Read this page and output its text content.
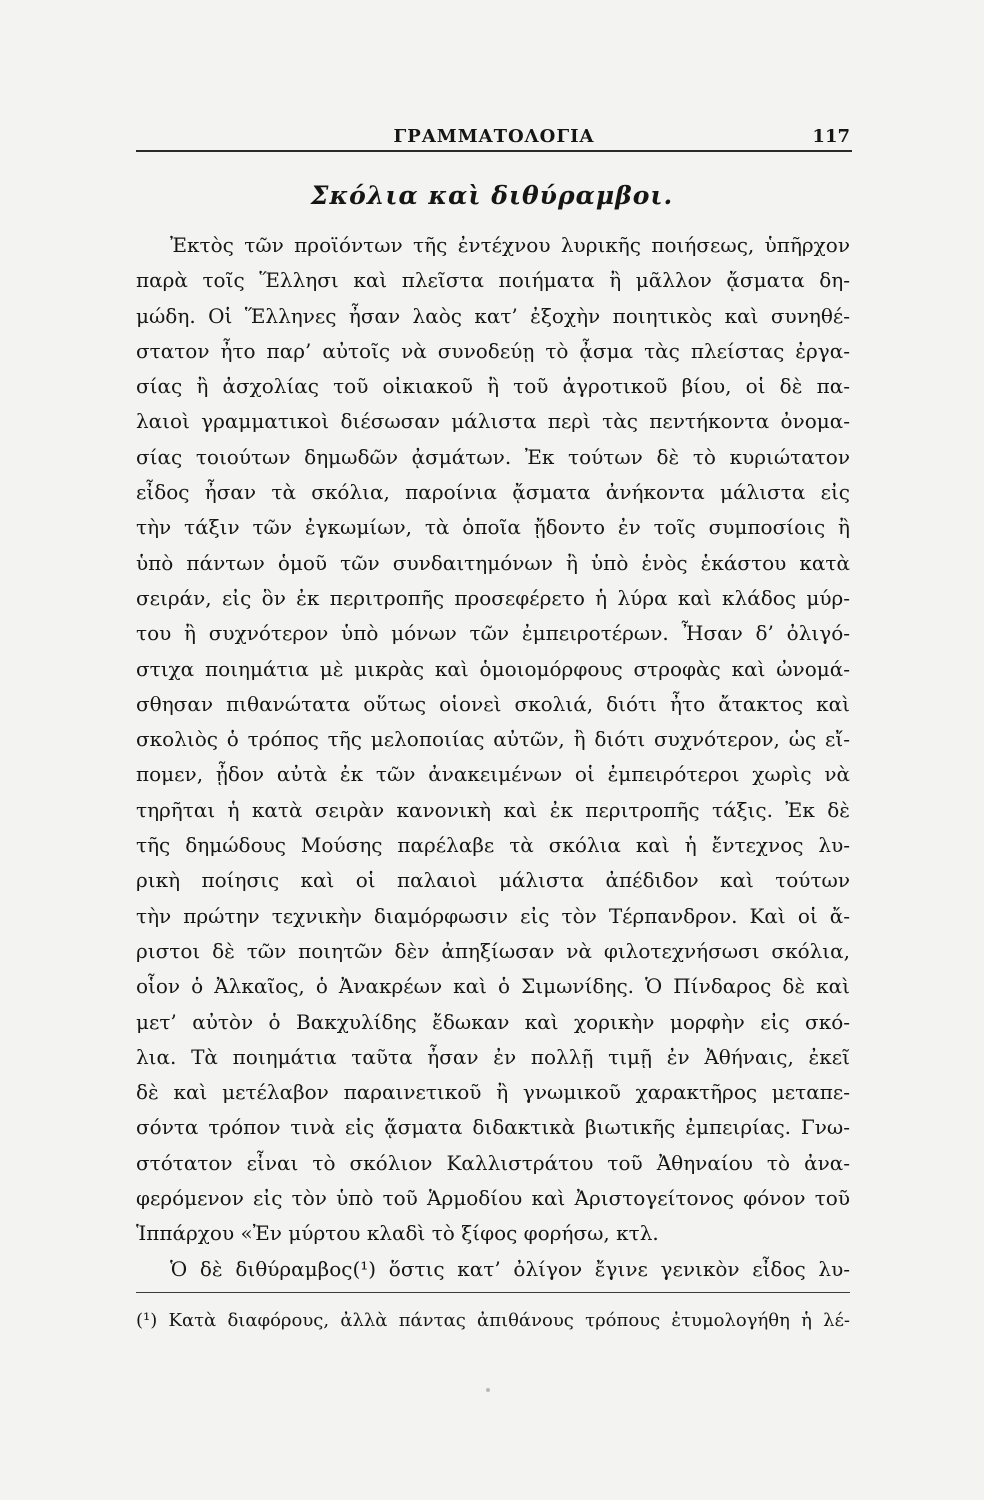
ΓΡΑΜΜΑΤΟΛΟΓΙΑ	117
Σκόλια καὶ διθύραμβοι.
Ἐκτὸς τῶν προϊόντων τῆς ἐντέχνου λυρικῆς ποιήσεως, ὑπῆρχον
παρὰ τοῖς Ἕλλησι καὶ πλεῖστα ποιήματα ἢ μᾶλλον ᾄσματα δη-
μώδη. Οἱ Ἕλληνες ἦσαν λαὸς κατ’ ἐξοχὴν ποιητικὸς καὶ συνηθέ-
στατον ἦτο παρ’ αὐτοῖς νὰ συνοδεύῃ τὸ ᾆσμα τὰς πλείστας ἐργα-
σίας ἢ ἀσχολίας τοῦ οἰκιακοῦ ἢ τοῦ ἀγροτικοῦ βίου, οἱ δὲ πα-
λαιοὶ γραμματικοὶ διέσωσαν μάλιστα περὶ τὰς πεντήκοντα ὀνομα-
σίας τοιούτων δημωδῶν ᾀσμάτων. Ἐκ τούτων δὲ τὸ κυριώτατον
εἶδος ἦσαν τὰ σκόλια, παροίνια ᾄσματα ἀνήκοντα μάλιστα εἰς
τὴν τάξιν τῶν ἐγκωμίων, τὰ ὁποῖα ᾔδοντο ἐν τοῖς συμποσίοις ἢ
ὑπὸ πάντων ὁμοῦ τῶν συνδαιτημόνων ἢ ὑπὸ ἑνὸς ἑκάστου κατὰ
σειράν, εἰς ὃν ἐκ περιτροπῆς προσεφέρετο ἡ λύρα καὶ κλάδος μύρ-
του ἢ συχνότερον ὑπὸ μόνων τῶν ἐμπειροτέρων. Ἦσαν δ’ ὀλιγό-
στιχα ποιημάτια μὲ μικρὰς καὶ ὁμοιομόρφους στροφὰς καὶ ὠνομά-
σθησαν πιθανώτατα οὕτως οἱονεὶ σκολιά, διότι ἦτο ἄτακτος καὶ
σκολιὸς ὁ τρόπος τῆς μελοποιίας αὐτῶν, ἢ διότι συχνότερον, ὡς εἴ-
πομεν, ᾖδον αὐτὰ ἐκ τῶν ἀνακειμένων οἱ ἐμπειρότεροι χωρὶς νὰ
τηρῆται ἡ κατὰ σειρὰν κανονικὴ καὶ ἐκ περιτροπῆς τάξις. Ἐκ δὲ
τῆς δημώδους Μούσης παρέλαβε τὰ σκόλια καὶ ἡ ἔντεχνος λυ-
ρικὴ ποίησις καὶ οἱ παλαιοὶ μάλιστα ἀπέδιδον καὶ τούτων
τὴν πρώτην τεχνικὴν διαμόρφωσιν εἰς τὸν Τέρπανδρον. Καὶ οἱ ἄ-
ριστοι δὲ τῶν ποιητῶν δὲν ἀπηξίωσαν νὰ φιλοτεχνήσωσι σκόλια,
οἷον ὁ Ἀλκαῖος, ὁ Ἀνακρέων καὶ ὁ Σιμωνίδης. Ὁ Πίνδαρος δὲ καὶ
μετ’ αὐτὸν ὁ Βακχυλίδης ἔδωκαν καὶ χορικὴν μορφὴν εἰς σκό-
λια. Τὰ ποιημάτια ταῦτα ἦσαν ἐν πολλῇ τιμῇ ἐν Ἀθήναις, ἐκεῖ
δὲ καὶ μετέλαβον παραινετικοῦ ἢ γνωμικοῦ χαρακτῆρος μεταπε-
σόντα τρόπον τινὰ εἰς ᾄσματα διδακτικὰ βιωτικῆς ἐμπειρίας. Γνω-
στότατον εἶναι τὸ σκόλιον Καλλιστράτου τοῦ Ἀθηναίου τὸ ἀνα-
φερόμενον εἰς τὸν ὑπὸ τοῦ Ἁρμοδίου καὶ Ἀριστογείτονος φόνον τοῦ
Ἱππάρχου «Ἐν μύρτου κλαδὶ τὸ ξίφος φορήσω, κτλ.
Ὁ δὲ διθύραμβος(¹) ὅστις κατ’ ὀλίγον ἔγινε γενικὸν εἶδος λυ-
(¹) Κατὰ διαφόρους, ἀλλὰ πάντας ἀπιθάνους τρόπους ἐτυμολογήθη ἡ λέ-
